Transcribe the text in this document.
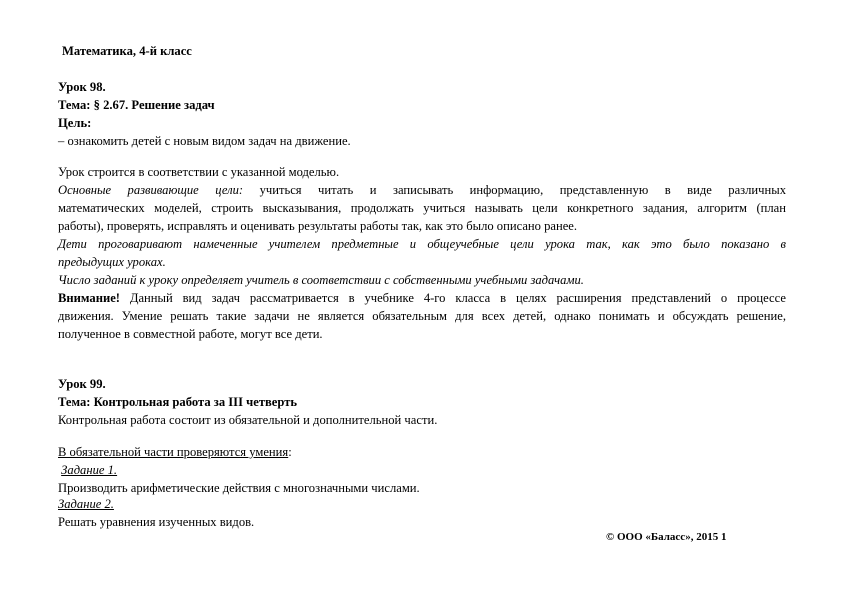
Математика, 4-й класс
Урок 98.
Тема: § 2.67. Решение задач
Цель:
– ознакомить детей с новым видом задач на движение.
Урок строится в соответствии с указанной моделью.
Основные развивающие цели: учиться читать и записывать информацию, представленную в виде различных
математических моделей, строить высказывания, продолжать учиться называть цели конкретного задания, алгоритм (план
работы), проверять, исправлять и оценивать результаты работы так, как это было описано ранее.
Дети проговаривают намеченные учителем предметные и общеучебные цели урока так, как это было показано в
предыдущих уроках.
Число заданий к уроку определяет учитель в соответствии с собственными учебными задачами.
Внимание! Данный вид задач рассматривается в учебнике 4-го класса в целях расширения представлений о процессе
движения. Умение решать такие задачи не является обязательным для всех детей, однако понимать и обсуждать решение,
полученное в совместной работе, могут все дети.
Урок 99.
Тема: Контрольная работа за III четверть
Контрольная работа состоит из обязательной и дополнительной части.
В обязательной части проверяются умения:
Задание 1.
Производить арифметические действия с многозначными числами.
Задание 2.
Решать уравнения изученных видов.
© ООО «Баласс», 2015 1
